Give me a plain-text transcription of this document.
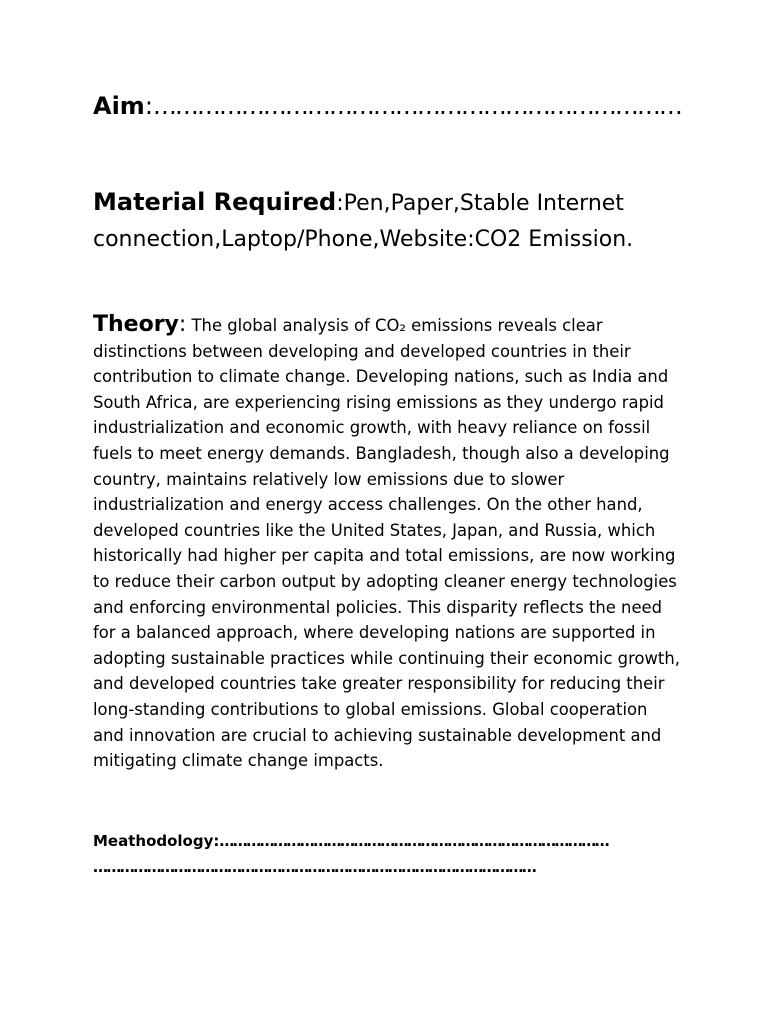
Aim:………………………………………………………………
Material Required:Pen,Paper,Stable Internet connection,Laptop/Phone,Website:CO2 Emission.
Theory: The global analysis of CO₂ emissions reveals clear distinctions between developing and developed countries in their contribution to climate change. Developing nations, such as India and South Africa, are experiencing rising emissions as they undergo rapid industrialization and economic growth, with heavy reliance on fossil fuels to meet energy demands. Bangladesh, though also a developing country, maintains relatively low emissions due to slower industrialization and energy access challenges. On the other hand, developed countries like the United States, Japan, and Russia, which historically had higher per capita and total emissions, are now working to reduce their carbon output by adopting cleaner energy technologies and enforcing environmental policies. This disparity reflects the need for a balanced approach, where developing nations are supported in adopting sustainable practices while continuing their economic growth, and developed countries take greater responsibility for reducing their long-standing contributions to global emissions. Global cooperation and innovation are crucial to achieving sustainable development and mitigating climate change impacts.
Meathodology:……………………………………………………………………………
………………………………………………………………………………………
